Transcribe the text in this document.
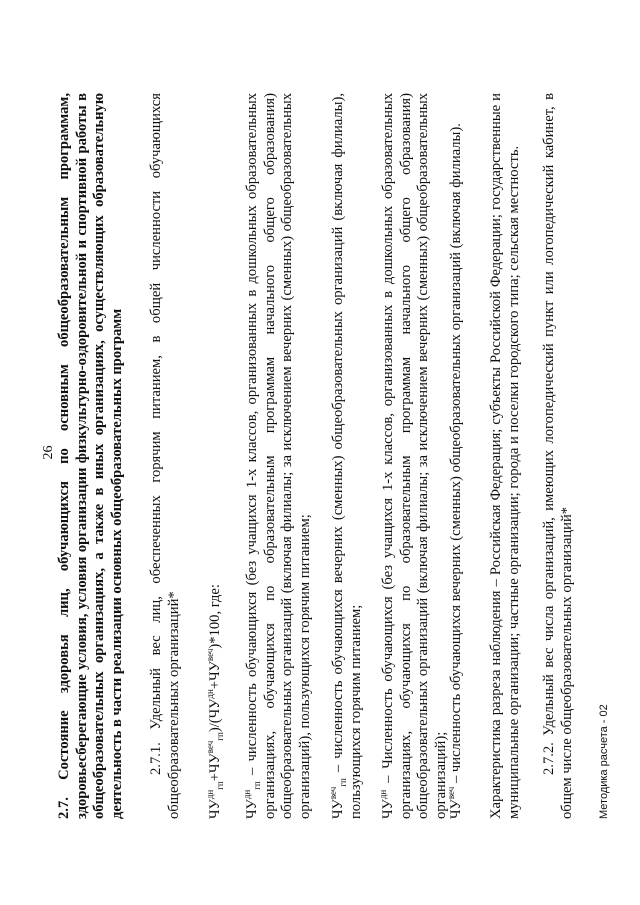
26
2.7. Состояние здоровья лиц, обучающихся по основным общеобразовательным программам, здоровьесберегающие условия, условия организации физкультурно-оздоровительной и спортивной работы в общеобразовательных организациях, а также в иных организациях, осуществляющих образовательную деятельность в части реализации основных общеобразовательных программ 2.7.1. Удельный вес лиц, обеспеченных горячим питанием, в общей численности обучающихся общеобразовательных организаций* $ЧУ^{дн}_{гп}+ЧУ^{веч}_{гп})/(ЧУ^{дн}+ЧУ^{веч})*100$, где:
$ЧУ^{дн}_{гп}$ – численность обучающихся (без учащихся 1-х классов, организованных в дошкольных образовательных организациях, обучающихся по образовательным программам начального общего образования) общеобразовательных организаций (включая филиалы; за исключением вечерних (сменных) общеобразовательных организаций), пользующихся горячим питанием; $ЧУ^{веч}_{гп}$ – численность обучающихся вечерних (сменных) общеобразовательных организаций (включая филиалы), пользующихся горячим питанием; $ЧУ^{дн}$ – Численность обучающихся (без учащихся 1-х классов, организованных в дошкольных образовательных организациях, обучающихся по образовательным программам начального общего образования) общеобразовательных организаций (включая филиалы; за исключением вечерних (сменных) общеобразовательных организаций); $ЧУ^{веч}$ – численность обучающихся вечерних (сменных) общеобразовательных организаций (включая филиалы). Характеристика разреза наблюдения – Российская Федерация; субъекты Российской Федерации; государственные и муниципальные организации; частные организации; города и поселки городского типа; сельская местность. 2.7.2. Удельный вес числа организаций, имеющих логопедический пункт или логопедический кабинет, в общем числе общеобразовательных организаций* Методика расчета - 02
